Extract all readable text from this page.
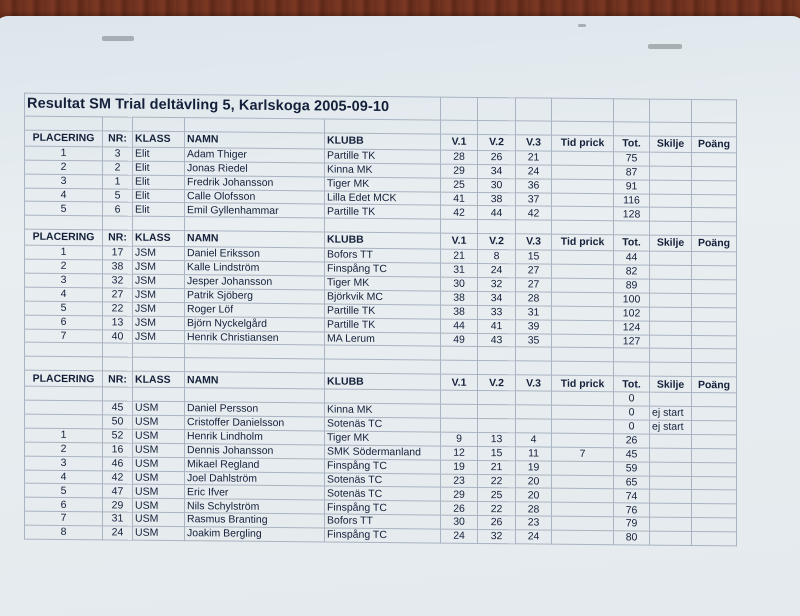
Resultat SM Trial deltävling 5, Karlskoga 2005-09-10											

PLACERING	NR:	KLASS	NAMN	KLUBB	V.1	V.2	V.3	Tid prick	Tot.	Skilje	Poäng
1	3	Elit	Adam Thiger	Partille TK	28	26	21		75		
2	2	Elit	Jonas Riedel	Kinna MK	29	34	24		87		
3	1	Elit	Fredrik Johansson	Tiger MK	25	30	36		91		
4	5	Elit	Calle Olofsson	Lilla Edet MCK	41	38	37		116		
5	6	Elit	Emil Gyllenhammar	Partille TK	42	44	42		128		

PLACERING	NR:	KLASS	NAMN	KLUBB	V.1	V.2	V.3	Tid prick	Tot.	Skilje	Poäng
1	17	JSM	Daniel Eriksson	Bofors TT	21	8	15		44		
2	38	JSM	Kalle Lindström	Finspång TC	31	24	27		82		
3	32	JSM	Jesper Johansson	Tiger MK	30	32	27		89		
4	27	JSM	Patrik Sjöberg	Björkvik MC	38	34	28		100		
5	22	JSM	Roger Löf	Partille TK	38	33	31		102		
6	13	JSM	Björn Nyckelgård	Partille TK	44	41	39		124		
7	40	JSM	Henrik Christiansen	MA Lerum	49	43	35		127		

PLACERING	NR:	KLASS	NAMN	KLUBB	V.1	V.2	V.3	Tid prick	Tot.	Skilje	Poäng
									0		
	45	USM	Daniel Persson	Kinna MK					0	ej start	
	50	USM	Cristoffer Danielsson	Sotenäs TC					0	ej start	
1	52	USM	Henrik Lindholm	Tiger MK	9	13	4		26		
2	16	USM	Dennis Johansson	SMK Södermanland	12	15	11	7	45		
3	46	USM	Mikael Regland	Finspång TC	19	21	19		59		
4	42	USM	Joel Dahlström	Sotenäs TC	23	22	20		65		
5	47	USM	Eric Ifver	Sotenäs TC	29	25	20		74		
6	29	USM	Nils Schylström	Finspång TC	26	22	28		76		
7	31	USM	Rasmus Branting	Bofors TT	30	26	23		79		
8	24	USM	Joakim Bergling	Finspång TC	24	32	24		80		
